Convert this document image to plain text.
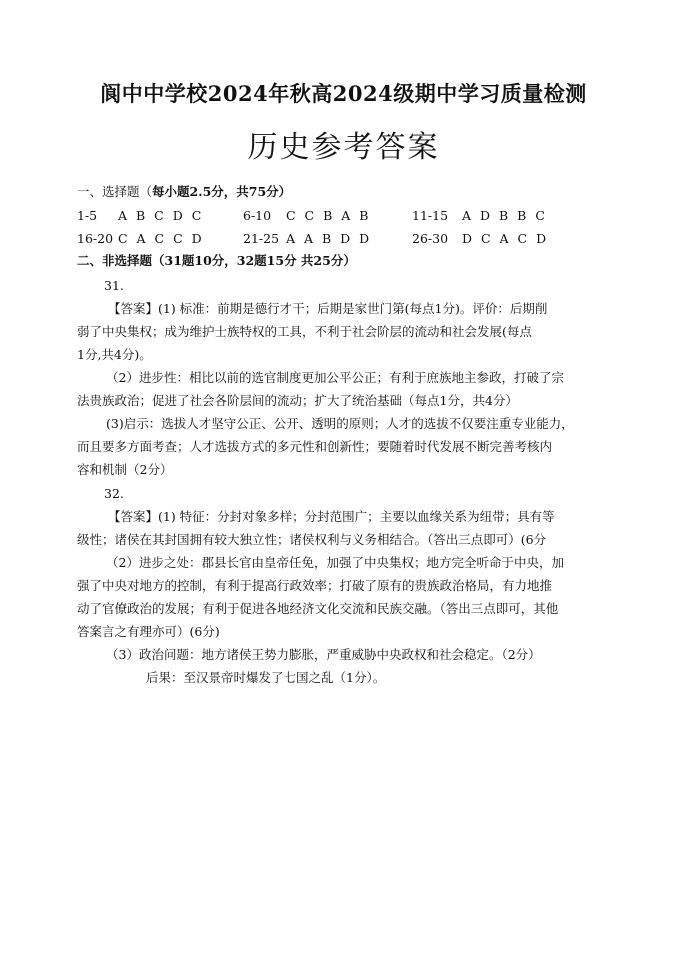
阆中中学校2024年秋高2024级期中学习质量检测
历史参考答案
一、选择题（每小题2.5分，共75分）
1-5 A B C D C	6-10 C C B A B	11-15 A D B B C
16-20 C A C C D	21-25 A A B D D	26-30 D C A C D
二、非选择题（31题10分，32题15分 共25分）
31.
【答案】(1) 标准：前期是德行才干；后期是家世门第(每点1分)。评价：后期削
弱了中央集权；成为维护士族特权的工具，不利于社会阶层的流动和社会发展(每点
1分,共4分)。
（2）进步性：相比以前的选官制度更加公平公正；有利于庶族地主参政，打破了宗
法贵族政治；促进了社会各阶层间的流动；扩大了统治基础（每点1分，共4分）
(3)启示：选拔人才坚守公正、公开、透明的原则；人才的选拔不仅要注重专业能力，
而且要多方面考查；人才选拔方式的多元性和创新性；要随着时代发展不断完善考核内
容和机制（2分）
32.
【答案】(1) 特征：分封对象多样；分封范围广；主要以血缘关系为纽带；具有等
级性；诸侯在其封国拥有较大独立性；诸侯权利与义务相结合。（答出三点即可）(6分
（2）进步之处：郡县长官由皇帝任免，加强了中央集权；地方完全听命于中央，加
强了中央对地方的控制，有利于提高行政效率；打破了原有的贵族政治格局，有力地推
动了官僚政治的发展；有利于促进各地经济文化交流和民族交融。（答出三点即可，其他
答案言之有理亦可）(6分)
（3）政治问题：地方诸侯王势力膨胀，严重威胁中央政权和社会稳定。（2分）
后果：至汉景帝时爆发了七国之乱（1分）。
